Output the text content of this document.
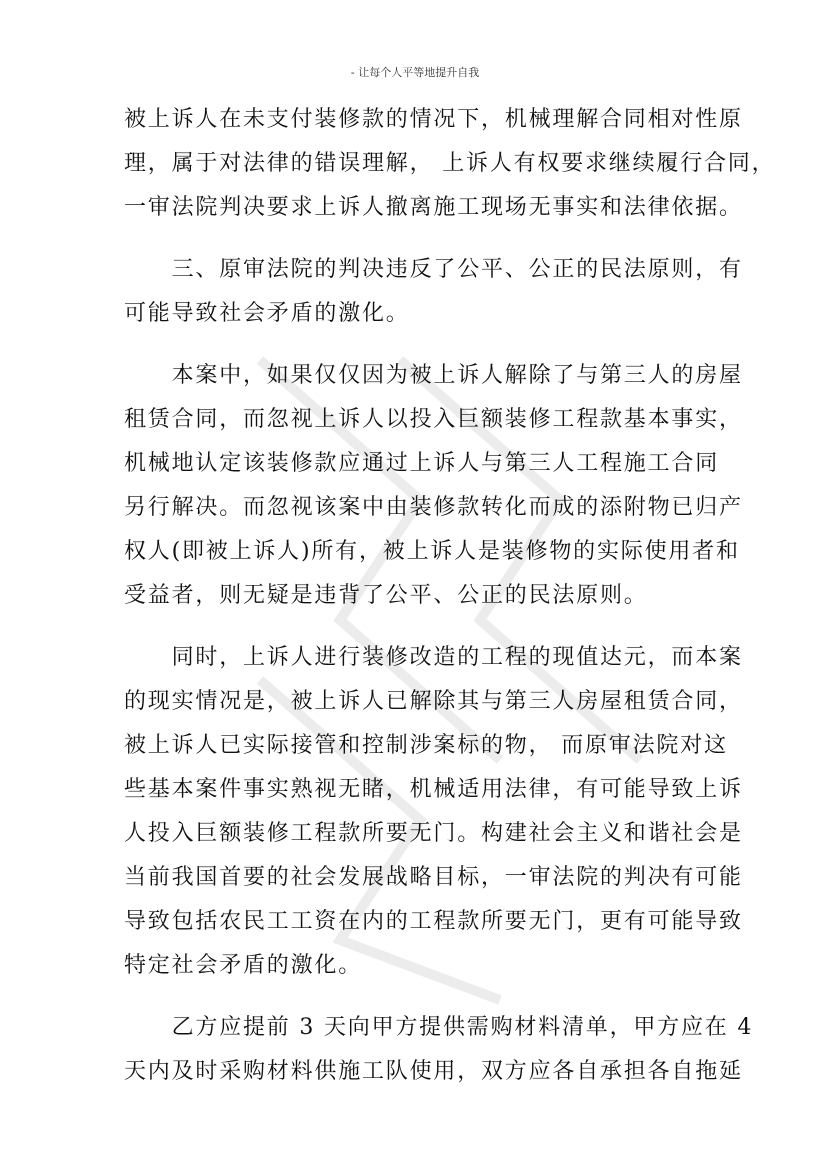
- 让每个人平等地提升自我

被上诉人在未支付装修款的情况下，机械理解合同相对性原
理，属于对法律的错误理解， 上诉人有权要求继续履行合同，
一审法院判决要求上诉人撤离施工现场无事实和法律依据。

　　三、原审法院的判决违反了公平、公正的民法原则，有
可能导致社会矛盾的激化。

　　本案中，如果仅仅因为被上诉人解除了与第三人的房屋
租赁合同，而忽视上诉人以投入巨额装修工程款基本事实，
机械地认定该装修款应通过上诉人与第三人工程施工合同
另行解决。而忽视该案中由装修款转化而成的添附物已归产
权人(即被上诉人)所有，被上诉人是装修物的实际使用者和
受益者，则无疑是违背了公平、公正的民法原则。

　　同时，上诉人进行装修改造的工程的现值达元，而本案
的现实情况是，被上诉人已解除其与第三人房屋租赁合同，
被上诉人已实际接管和控制涉案标的物， 而原审法院对这
些基本案件事实熟视无睹，机械适用法律，有可能导致上诉
人投入巨额装修工程款所要无门。构建社会主义和谐社会是
当前我国首要的社会发展战略目标，一审法院的判决有可能
导致包括农民工工资在内的工程款所要无门，更有可能导致
特定社会矛盾的激化。

　　乙方应提前 3 天向甲方提供需购材料清单，甲方应在 4
天内及时采购材料供施工队使用，双方应各自承担各自拖延
